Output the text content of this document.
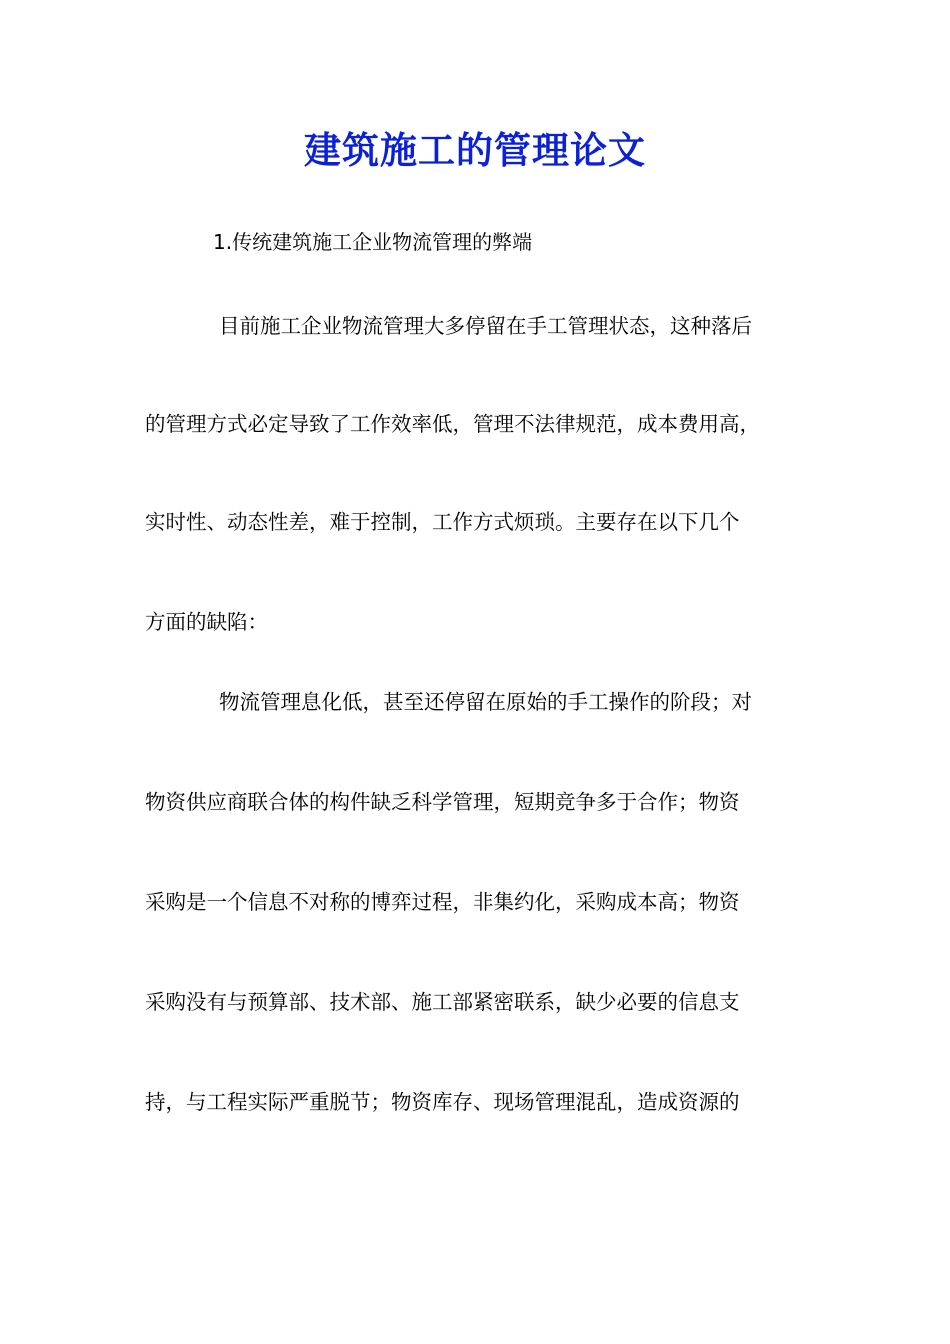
建筑施工的管理论文
1.传统建筑施工企业物流管理的弊端
目前施工企业物流管理大多停留在手工管理状态，这种落后
的管理方式必定导致了工作效率低，管理不法律规范，成本费用高，
实时性、动态性差，难于控制，工作方式烦琐。主要存在以下几个
方面的缺陷：
物流管理息化低，甚至还停留在原始的手工操作的阶段；对
物资供应商联合体的构件缺乏科学管理，短期竞争多于合作；物资
采购是一个信息不对称的博弈过程，非集约化，采购成本高；物资
采购没有与预算部、技术部、施工部紧密联系，缺少必要的信息支
持，与工程实际严重脱节；物资库存、现场管理混乱，造成资源的
